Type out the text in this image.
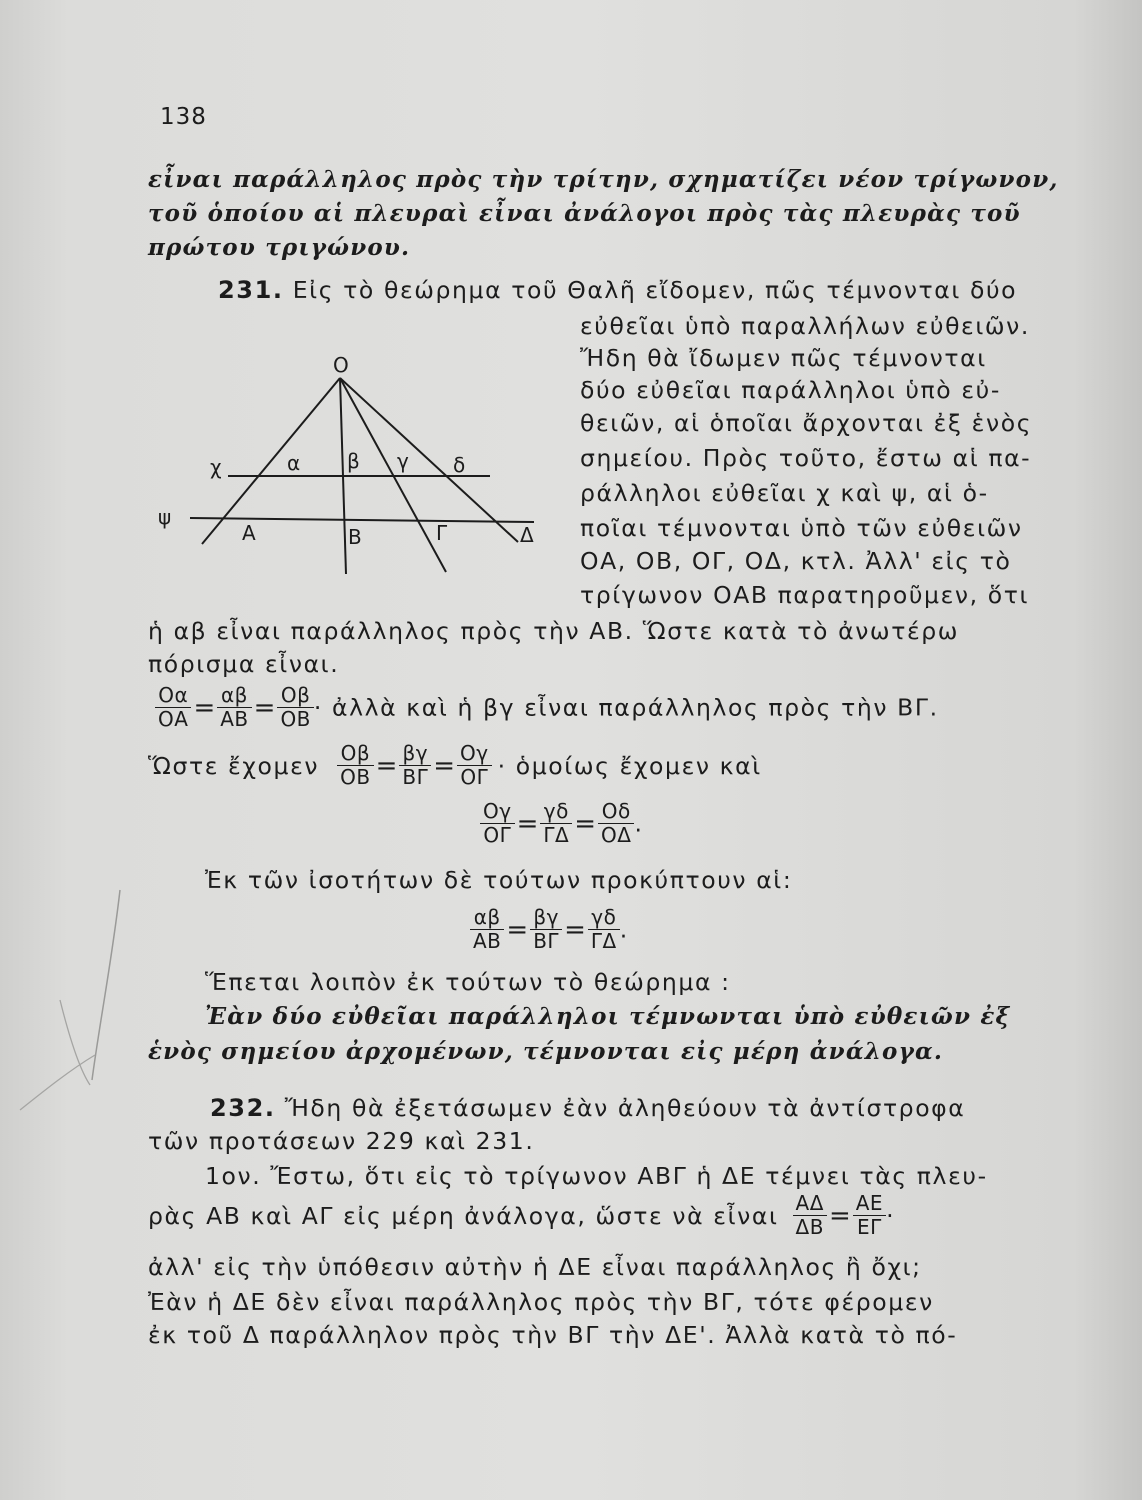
138
εἶναι παράλληλος πρὸς τὴν τρίτην, σχηματίζει νέον τρίγωνον,
τοῦ ὁποίου αἱ πλευραὶ εἶναι ἀνάλογοι πρὸς τὰς πλευρὰς τοῦ
πρώτου τριγώνου.
231. Εἰς τὸ θεώρημα τοῦ Θαλῆ εἴδομεν, πῶς τέμνονται δύο
εὐθεῖαι ὑπὸ παραλλήλων εὐθειῶν.
Ἤδη θὰ ἴδωμεν πῶς τέμνονται
δύο εὐθεῖαι παράλληλοι ὑπὸ εὐ-
θειῶν, αἱ ὁποῖαι ἄρχονται ἐξ ἑνὸς
σημείου. Πρὸς τοῦτο, ἔστω αἱ πα-
ράλληλοι εὐθεῖαι χ καὶ ψ, αἱ ὁ-
ποῖαι τέμνονται ὑπὸ τῶν εὐθειῶν
ΟΑ, ΟΒ, ΟΓ, ΟΔ, κτλ. Ἀλλ' εἰς τὸ
τρίγωνον ΟΑΒ παρατηροῦμεν, ὅτι
ἡ αβ εἶναι παράλληλος πρὸς τὴν ΑΒ. Ὥστε κατὰ τὸ ἀνωτέρω
πόρισμα εἶναι.
Ο
χ
ψ
α β γ δ
Α	Β	Γ	Δ
$\frac{O\alpha}{OA} = \frac{\alpha\beta}{AB} = \frac{O\beta}{OB}$ · ἀλλὰ καὶ ἡ βγ εἶναι παράλληλος πρὸς τὴν ΒΓ.
Ὥστε ἔχομεν $\frac{O\beta}{OB} = \frac{\beta\gamma}{B\Gamma} = \frac{O\gamma}{O\Gamma}$ · ὁμοίως ἔχομεν καὶ
$\frac{O\gamma}{O\Gamma} = \frac{\gamma\delta}{\Gamma\Delta} = \frac{O\delta}{O\Delta}$ .
Ἐκ τῶν ἰσοτήτων δὲ τούτων προκύπτουν αἱ:
$\frac{\alpha\beta}{AB} = \frac{\beta\gamma}{B\Gamma} = \frac{\gamma\delta}{\Gamma\Delta}$ .
Ἕπεται λοιπὸν ἐκ τούτων τὸ θεώρημα :
Ἐὰν δύο εὐθεῖαι παράλληλοι τέμνωνται ὑπὸ εὐθειῶν ἐξ
ἑνὸς σημείου ἀρχομένων, τέμνονται εἰς μέρη ἀνάλογα.
232. Ἤδη θὰ ἐξετάσωμεν ἐὰν ἀληθεύουν τὰ ἀντίστροφα
τῶν προτάσεων 229 καὶ 231.
1ον. Ἔστω, ὅτι εἰς τὸ τρίγωνον ΑΒΓ ἡ ΔΕ τέμνει τὰς πλευ-
ρὰς ΑΒ καὶ ΑΓ εἰς μέρη ἀνάλογα, ὥστε νὰ εἶναι $\frac{A\Delta}{\Delta B} = \frac{AE}{E\Gamma}$ ·
ἀλλ' εἰς τὴν ὑπόθεσιν αὐτὴν ἡ ΔΕ εἶναι παράλληλος ἢ ὄχι;
Ἐὰν ἡ ΔΕ δὲν εἶναι παράλληλος πρὸς τὴν ΒΓ, τότε φέρομεν
ἐκ τοῦ Δ παράλληλον πρὸς τὴν ΒΓ τὴν ΔΕ'. Ἀλλὰ κατὰ τὸ πό-
